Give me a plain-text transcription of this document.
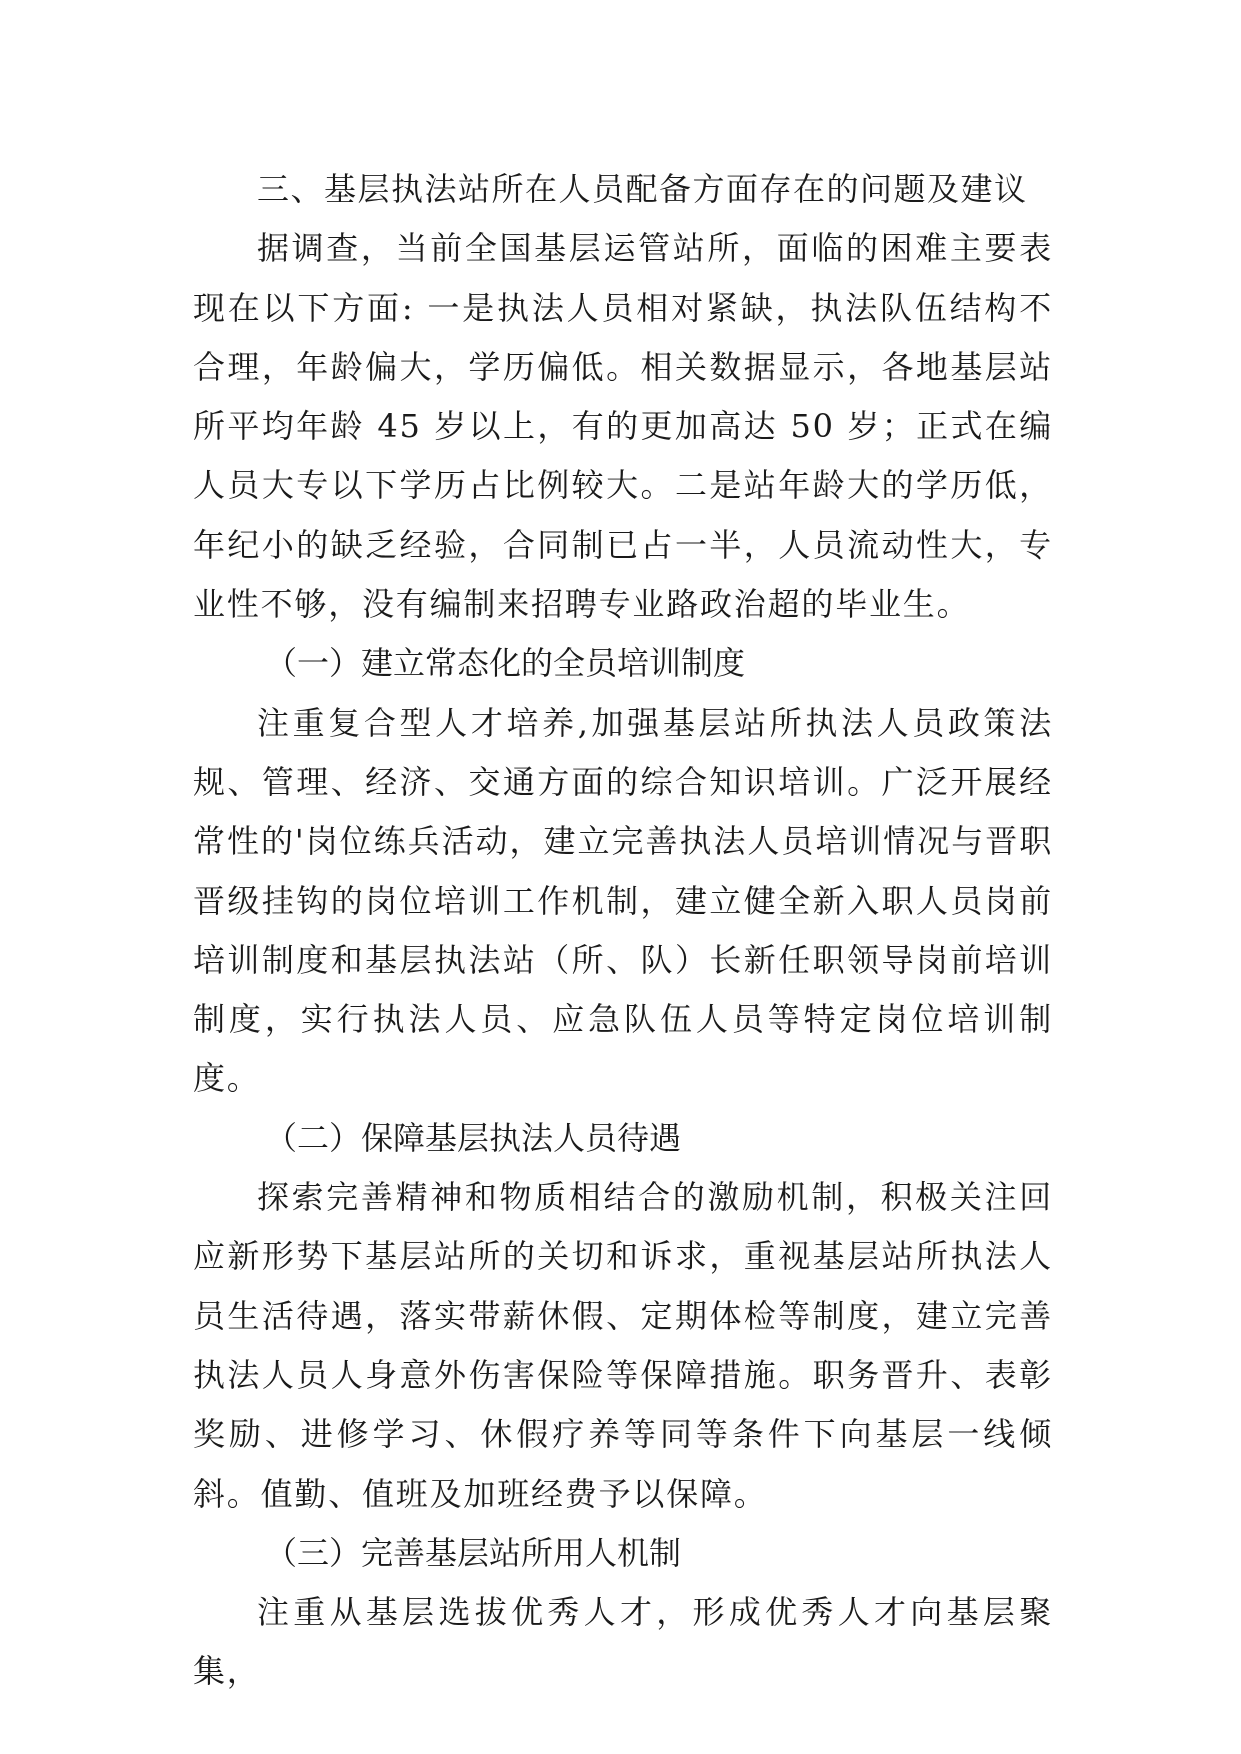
三、基层执法站所在人员配备方面存在的问题及建议

据调查，当前全国基层运管站所，面临的困难主要表现在以下方面: 一是执法人员相对紧缺，执法队伍结构不合理，年龄偏大，学历偏低。相关数据显示，各地基层站所平均年龄 45 岁以上，有的更加高达 50 岁；正式在编人员大专以下学历占比例较大。二是站年龄大的学历低，年纪小的缺乏经验，合同制已占一半，人员流动性大，专业性不够，没有编制来招聘专业路政治超的毕业生。

（一）建立常态化的全员培训制度

注重复合型人才培养,加强基层站所执法人员政策法规、管理、经济、交通方面的综合知识培训。广泛开展经常性的'岗位练兵活动，建立完善执法人员培训情况与晋职晋级挂钩的岗位培训工作机制，建立健全新入职人员岗前培训制度和基层执法站（所、队）长新任职领导岗前培训制度，实行执法人员、应急队伍人员等特定岗位培训制度。

（二）保障基层执法人员待遇

探索完善精神和物质相结合的激励机制，积极关注回应新形势下基层站所的关切和诉求，重视基层站所执法人员生活待遇，落实带薪休假、定期体检等制度，建立完善执法人员人身意外伤害保险等保障措施。职务晋升、表彰奖励、进修学习、休假疗养等同等条件下向基层一线倾斜。值勤、值班及加班经费予以保障。

（三）完善基层站所用人机制

注重从基层选拔优秀人才，形成优秀人才向基层聚集，
